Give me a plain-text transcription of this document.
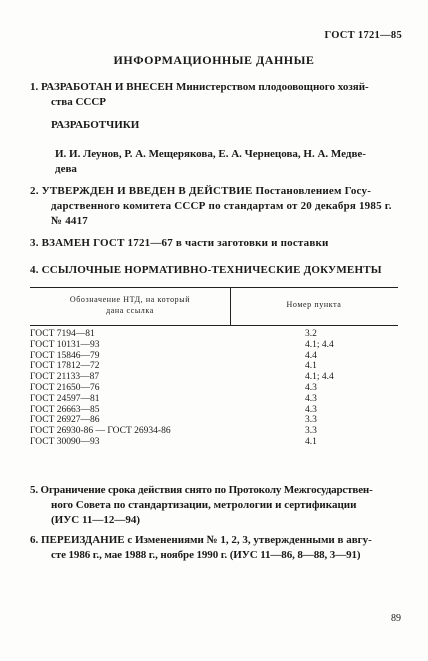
ГОСТ 1721—85
ИНФОРМАЦИОННЫЕ ДАННЫЕ
1. РАЗРАБОТАН И ВНЕСЕН Министерством плодоовощного хозяй-
ства СССР
РАЗРАБОТЧИКИ
И. И. Леунов, Р. А. Мещерякова, Е. А. Чернецова, Н. А. Медве-
дева
2. УТВЕРЖДЕН И ВВЕДЕН В ДЕЙСТВИЕ Постановлением Госу-
дарственного комитета СССР по стандартам от 20 декабря 1985 г.
№ 4417
3. ВЗАМЕН ГОСТ 1721—67 в части заготовки и поставки
4. ССЫЛОЧНЫЕ НОРМАТИВНО-ТЕХНИЧЕСКИЕ ДОКУМЕНТЫ
Обозначение НТД, на который
дана ссылка
Номер пункта
ГОСТ 7194—81	3.2
ГОСТ 10131—93	4.1; 4.4
ГОСТ 15846—79	4.4
ГОСТ 17812—72	4.1
ГОСТ 21133—87	4.1; 4.4
ГОСТ 21650—76	4.3
ГОСТ 24597—81	4.3
ГОСТ 26663—85	4.3
ГОСТ 26927—86	3.3
ГОСТ 26930-86 — ГОСТ 26934-86	3.3
ГОСТ 30090—93	4.1
5. Ограничение срока действия снято по Протоколу Межгосударствен-
ного Совета по стандартизации, метрологии и сертификации
(ИУС 11—12—94)
6. ПЕРЕИЗДАНИЕ с Изменениями № 1, 2, 3, утвержденными в авгу-
сте 1986 г., мае 1988 г., ноябре 1990 г. (ИУС 11—86, 8—88, 3—91)
89
